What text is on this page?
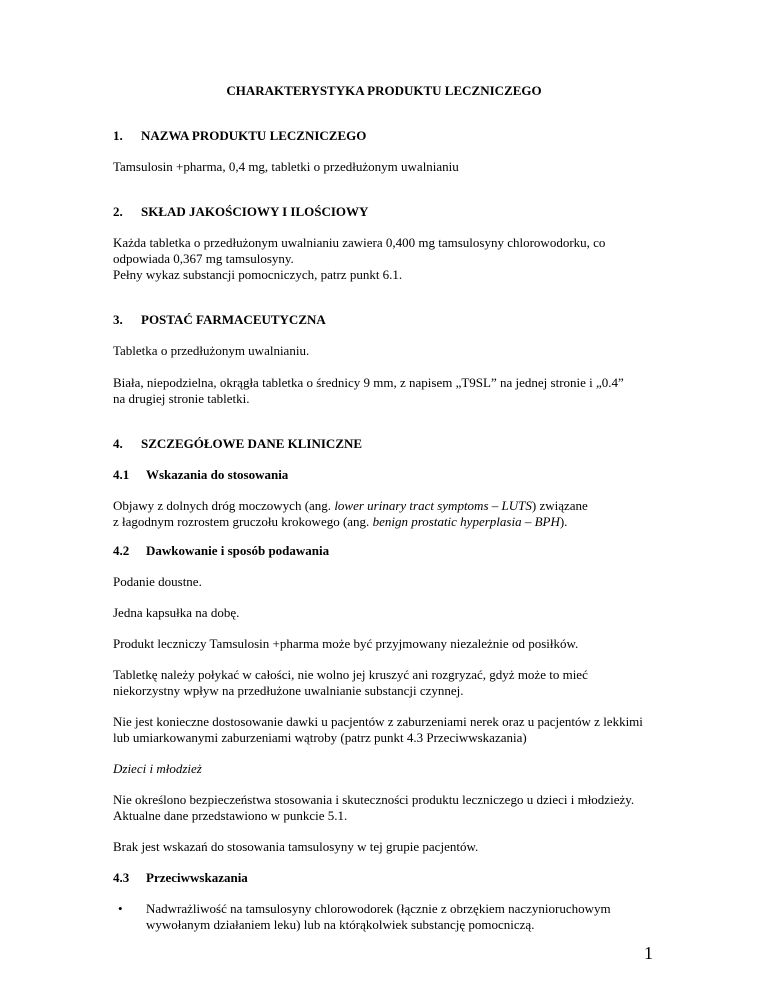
CHARAKTERYSTYKA PRODUKTU LECZNICZEGO
1. NAZWA PRODUKTU LECZNICZEGO
Tamsulosin +pharma, 0,4 mg, tabletki o przedłużonym uwalnianiu
2. SKŁAD JAKOŚCIOWY I ILOŚCIOWY
Każda tabletka o przedłużonym uwalnianiu zawiera 0,400 mg tamsulosyny chlorowodorku, co
odpowiada 0,367 mg tamsulosyny.
Pełny wykaz substancji pomocniczych, patrz punkt 6.1.
3. POSTAĆ FARMACEUTYCZNA
Tabletka o przedłużonym uwalnianiu.
Biała, niepodzielna, okrągła tabletka o średnicy 9 mm, z napisem „T9SL” na jednej stronie i „0.4”
na drugiej stronie tabletki.
4. SZCZEGÓŁOWE DANE KLINICZNE
4.1 Wskazania do stosowania
Objawy z dolnych dróg moczowych (ang. lower urinary tract symptoms – LUTS) związane
z łagodnym rozrostem gruczołu krokowego (ang. benign prostatic hyperplasia – BPH).
4.2 Dawkowanie i sposób podawania
Podanie doustne.
Jedna kapsułka na dobę.
Produkt leczniczy Tamsulosin +pharma może być przyjmowany niezależnie od posiłków.
Tabletkę należy połykać w całości, nie wolno jej kruszyć ani rozgryzać, gdyż może to mieć
niekorzystny wpływ na przedłużone uwalnianie substancji czynnej.
Nie jest konieczne dostosowanie dawki u pacjentów z zaburzeniami nerek oraz u pacjentów z lekkimi
lub umiarkowanymi zaburzeniami wątroby (patrz punkt 4.3 Przeciwwskazania)
Dzieci i młodzież
Nie określono bezpieczeństwa stosowania i skuteczności produktu leczniczego u dzieci i młodzieży.
Aktualne dane przedstawiono w punkcie 5.1.
Brak jest wskazań do stosowania tamsulosyny w tej grupie pacjentów.
4.3 Przeciwwskazania
• Nadwrażliwość na tamsulosyny chlorowodorek (łącznie z obrzękiem naczynioruchowym
wywołanym działaniem leku) lub na którąkolwiek substancję pomocniczą.
1
